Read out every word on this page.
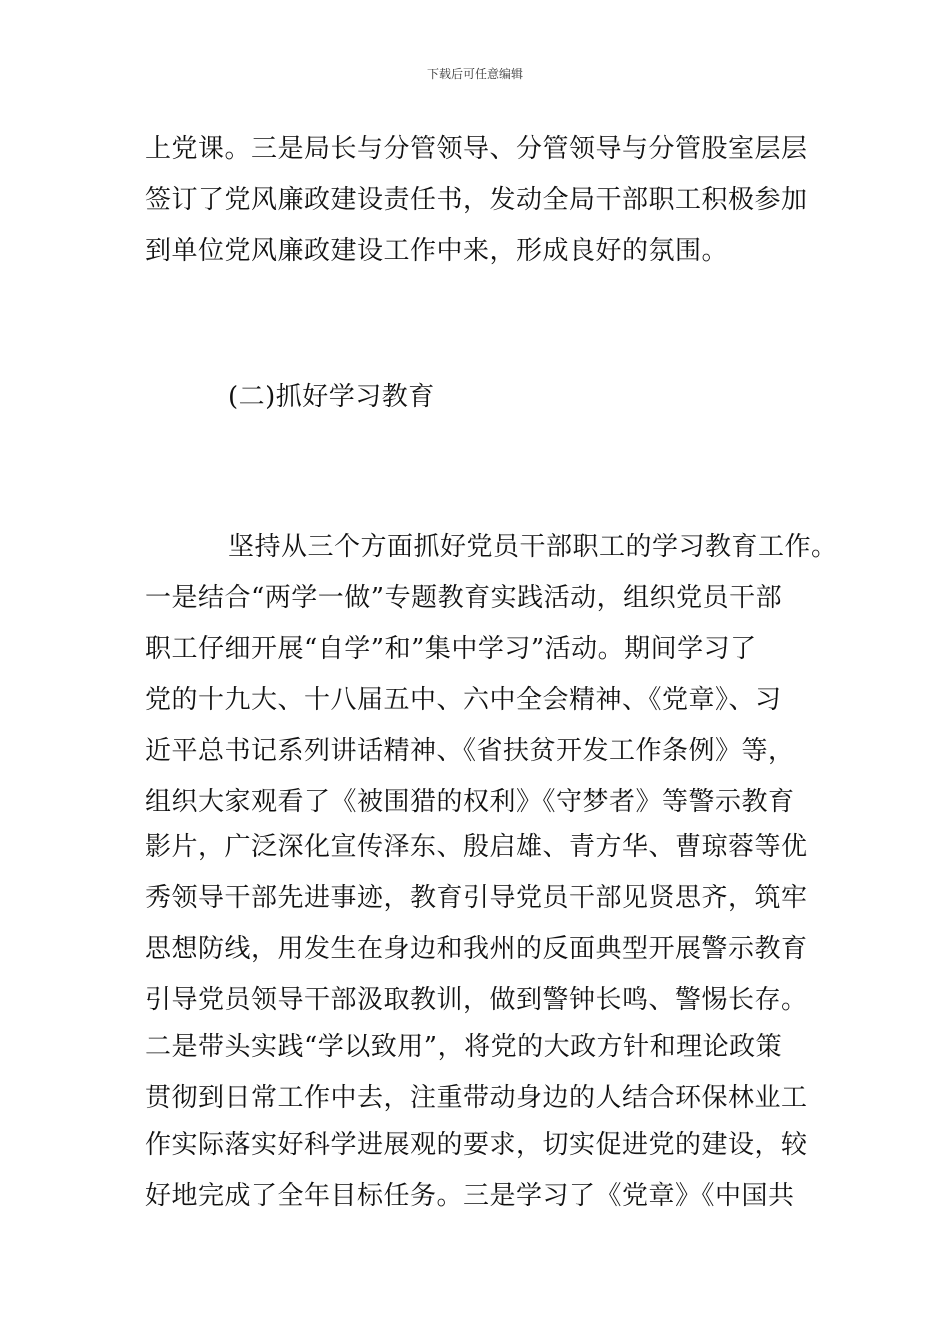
下载后可任意编辑
上党课。三是局长与分管领导、分管领导与分管股室层层
签订了党风廉政建设责任书，发动全局干部职工积极参加
到单位党风廉政建设工作中来，形成良好的氛围。
(二)抓好学习教育
坚持从三个方面抓好党员干部职工的学习教育工作。
一是结合“两学一做”专题教育实践活动，组织党员干部
职工仔细开展“自学”和”集中学习”活动。期间学习了
党的十九大、十八届五中、六中全会精神、《党章》、习
近平总书记系列讲话精神、《省扶贫开发工作条例》等，
组织大家观看了《被围猎的权利》《守梦者》等警示教育
影片，广泛深化宣传泽东、殷启雄、青方华、曹琼蓉等优
秀领导干部先进事迹，教育引导党员干部见贤思齐，筑牢
思想防线，用发生在身边和我州的反面典型开展警示教育
引导党员领导干部汲取教训，做到警钟长鸣、警惕长存。
二是带头实践“学以致用”，将党的大政方针和理论政策
贯彻到日常工作中去，注重带动身边的人结合环保林业工
作实际落实好科学进展观的要求，切实促进党的建设，较
好地完成了全年目标任务。三是学习了《党章》《中国共
